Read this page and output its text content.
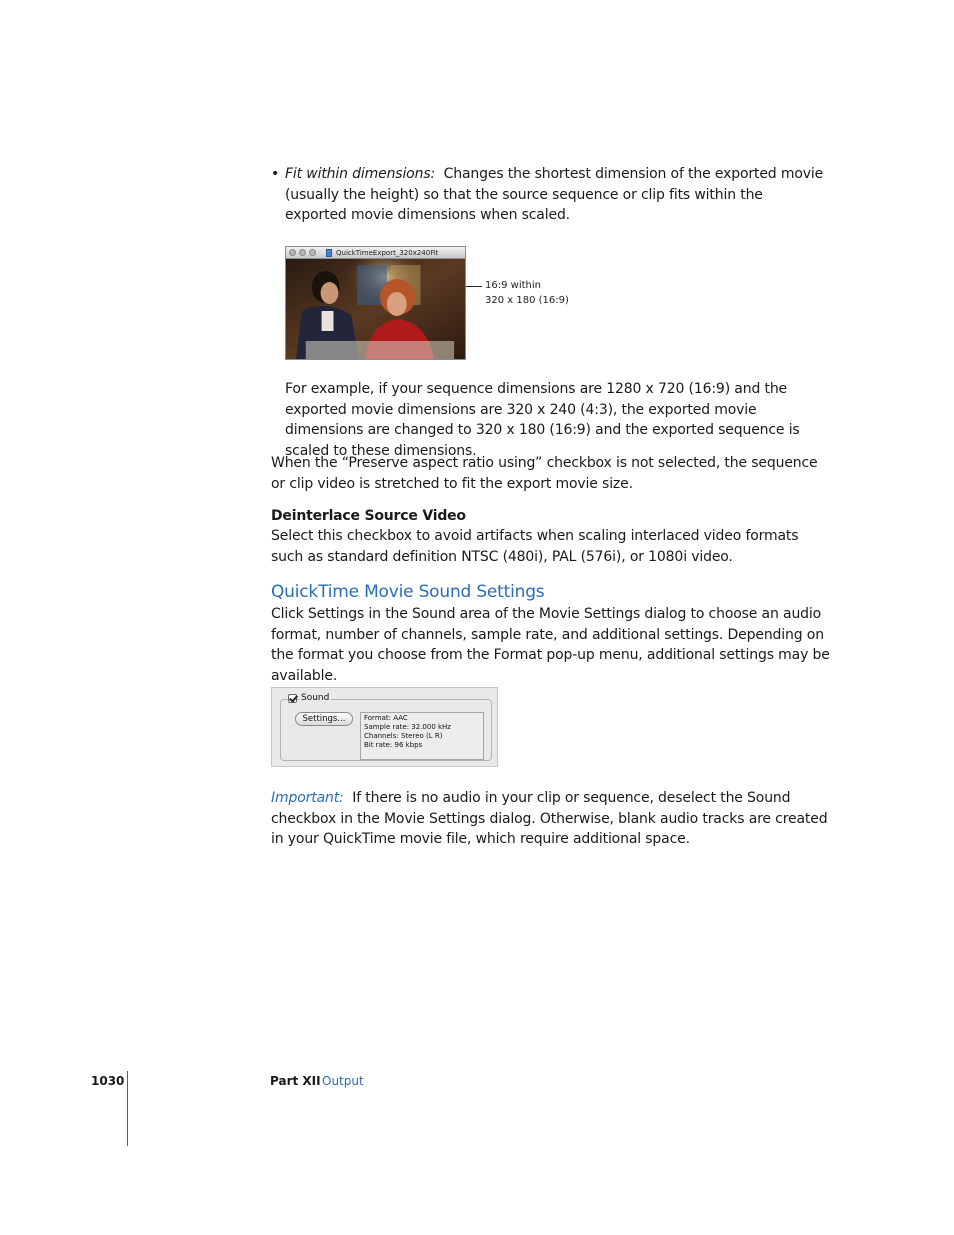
• Fit within dimensions: Changes the shortest dimension of the exported movie (usually the height) so that the source sequence or clip fits within the exported movie dimensions when scaled.
QuickTimeExport_320x240Fit
16:9 within
320 x 180 (16:9)
For example, if your sequence dimensions are 1280 x 720 (16:9) and the exported movie dimensions are 320 x 240 (4:3), the exported movie dimensions are changed to 320 x 180 (16:9) and the exported sequence is scaled to these dimensions.
When the “Preserve aspect ratio using” checkbox is not selected, the sequence or clip video is stretched to fit the export movie size.
Deinterlace Source Video
Select this checkbox to avoid artifacts when scaling interlaced video formats such as standard definition NTSC (480i), PAL (576i), or 1080i video.
QuickTime Movie Sound Settings
Click Settings in the Sound area of the Movie Settings dialog to choose an audio format, number of channels, sample rate, and additional settings. Depending on the format you choose from the Format pop-up menu, additional settings may be available.
Sound
Settings...	Format: AAC
Sample rate: 32.000 kHz
Channels: Stereo (L R)
Bit rate: 96 kbps
Important: If there is no audio in your clip or sequence, deselect the Sound checkbox in the Movie Settings dialog. Otherwise, blank audio tracks are created in your QuickTime movie file, which require additional space.
1030	Part XII Output
